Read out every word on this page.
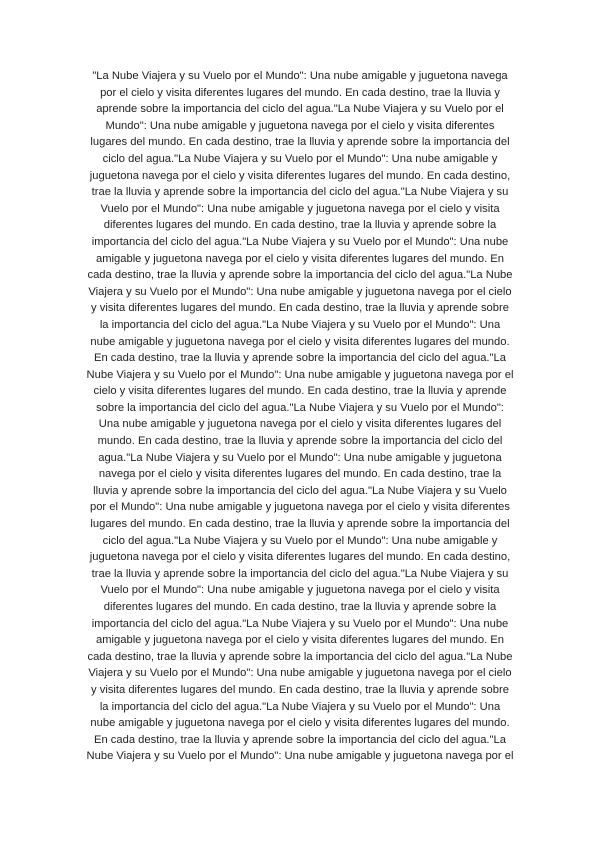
"La Nube Viajera y su Vuelo por el Mundo": Una nube amigable y juguetona navega
por el cielo y visita diferentes lugares del mundo. En cada destino, trae la lluvia y
aprende sobre la importancia del ciclo del agua."La Nube Viajera y su Vuelo por el
Mundo": Una nube amigable y juguetona navega por el cielo y visita diferentes
lugares del mundo. En cada destino, trae la lluvia y aprende sobre la importancia del
ciclo del agua."La Nube Viajera y su Vuelo por el Mundo": Una nube amigable y
juguetona navega por el cielo y visita diferentes lugares del mundo. En cada destino,
trae la lluvia y aprende sobre la importancia del ciclo del agua."La Nube Viajera y su
Vuelo por el Mundo": Una nube amigable y juguetona navega por el cielo y visita
diferentes lugares del mundo. En cada destino, trae la lluvia y aprende sobre la
importancia del ciclo del agua."La Nube Viajera y su Vuelo por el Mundo": Una nube
amigable y juguetona navega por el cielo y visita diferentes lugares del mundo. En
cada destino, trae la lluvia y aprende sobre la importancia del ciclo del agua."La Nube
Viajera y su Vuelo por el Mundo": Una nube amigable y juguetona navega por el cielo
y visita diferentes lugares del mundo. En cada destino, trae la lluvia y aprende sobre
la importancia del ciclo del agua."La Nube Viajera y su Vuelo por el Mundo": Una
nube amigable y juguetona navega por el cielo y visita diferentes lugares del mundo.
En cada destino, trae la lluvia y aprende sobre la importancia del ciclo del agua."La
Nube Viajera y su Vuelo por el Mundo": Una nube amigable y juguetona navega por el
cielo y visita diferentes lugares del mundo. En cada destino, trae la lluvia y aprende
sobre la importancia del ciclo del agua."La Nube Viajera y su Vuelo por el Mundo":
Una nube amigable y juguetona navega por el cielo y visita diferentes lugares del
mundo. En cada destino, trae la lluvia y aprende sobre la importancia del ciclo del
agua."La Nube Viajera y su Vuelo por el Mundo": Una nube amigable y juguetona
navega por el cielo y visita diferentes lugares del mundo. En cada destino, trae la
lluvia y aprende sobre la importancia del ciclo del agua."La Nube Viajera y su Vuelo
por el Mundo": Una nube amigable y juguetona navega por el cielo y visita diferentes
lugares del mundo. En cada destino, trae la lluvia y aprende sobre la importancia del
ciclo del agua."La Nube Viajera y su Vuelo por el Mundo": Una nube amigable y
juguetona navega por el cielo y visita diferentes lugares del mundo. En cada destino,
trae la lluvia y aprende sobre la importancia del ciclo del agua."La Nube Viajera y su
Vuelo por el Mundo": Una nube amigable y juguetona navega por el cielo y visita
diferentes lugares del mundo. En cada destino, trae la lluvia y aprende sobre la
importancia del ciclo del agua."La Nube Viajera y su Vuelo por el Mundo": Una nube
amigable y juguetona navega por el cielo y visita diferentes lugares del mundo. En
cada destino, trae la lluvia y aprende sobre la importancia del ciclo del agua."La Nube
Viajera y su Vuelo por el Mundo": Una nube amigable y juguetona navega por el cielo
y visita diferentes lugares del mundo. En cada destino, trae la lluvia y aprende sobre
la importancia del ciclo del agua."La Nube Viajera y su Vuelo por el Mundo": Una
nube amigable y juguetona navega por el cielo y visita diferentes lugares del mundo.
En cada destino, trae la lluvia y aprende sobre la importancia del ciclo del agua."La
Nube Viajera y su Vuelo por el Mundo": Una nube amigable y juguetona navega por el
